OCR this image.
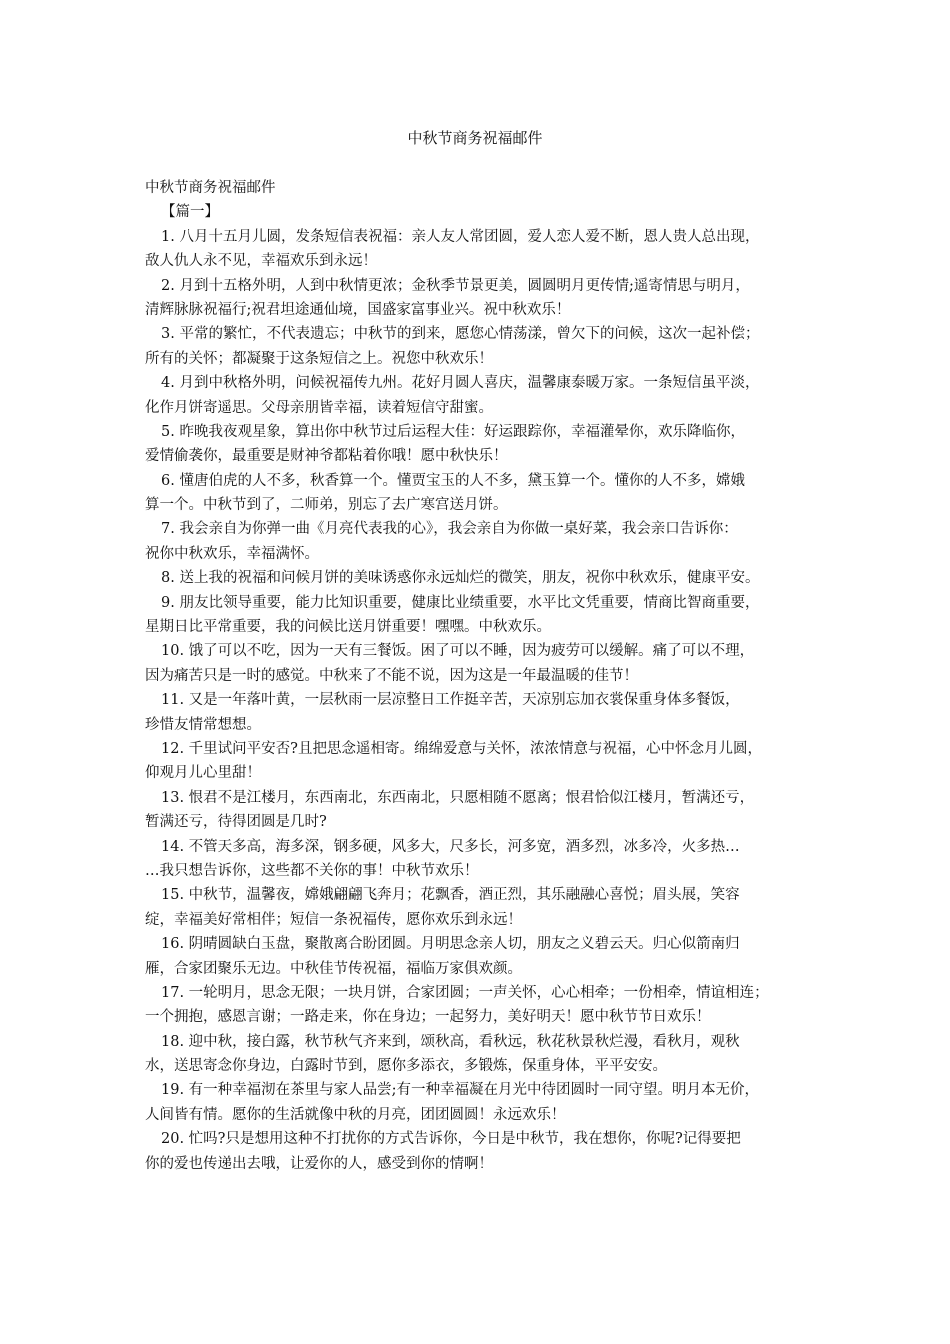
中秋节商务祝福邮件
中秋节商务祝福邮件
【篇一】
1. 八月十五月儿圆，发条短信表祝福：亲人友人常团圆，爱人恋人爱不断，恩人贵人总出现，
敌人仇人永不见，幸福欢乐到永远！
2. 月到十五格外明，人到中秋情更浓；金秋季节景更美，圆圆明月更传情;遥寄情思与明月，
清辉脉脉祝福行;祝君坦途通仙境，国盛家富事业兴。祝中秋欢乐！
3. 平常的繁忙，不代表遗忘；中秋节的到来，愿您心情荡漾，曾欠下的问候，这次一起补偿；
所有的关怀；都凝聚于这条短信之上。祝您中秋欢乐！
4. 月到中秋格外明，问候祝福传九州。花好月圆人喜庆，温馨康泰暖万家。一条短信虽平淡，
化作月饼寄遥思。父母亲朋皆幸福，读着短信守甜蜜。
5. 昨晚我夜观星象，算出你中秋节过后运程大佳：好运跟踪你，幸福灌晕你，欢乐降临你，
爱情偷袭你，最重要是财神爷都粘着你哦！愿中秋快乐！
6. 懂唐伯虎的人不多，秋香算一个。懂贾宝玉的人不多，黛玉算一个。懂你的人不多，嫦娥
算一个。中秋节到了，二师弟，别忘了去广寒宫送月饼。
7. 我会亲自为你弹一曲《月亮代表我的心》，我会亲自为你做一桌好菜，我会亲口告诉你：
祝你中秋欢乐，幸福满怀。
8. 送上我的祝福和问候月饼的美味诱惑你永远灿烂的微笑，朋友，祝你中秋欢乐，健康平安。
9. 朋友比领导重要，能力比知识重要，健康比业绩重要，水平比文凭重要，情商比智商重要，
星期日比平常重要，我的问候比送月饼重要！嘿嘿。中秋欢乐。
10. 饿了可以不吃，因为一天有三餐饭。困了可以不睡，因为疲劳可以缓解。痛了可以不理，
因为痛苦只是一时的感觉。中秋来了不能不说，因为这是一年最温暖的佳节！
11. 又是一年落叶黄，一层秋雨一层凉整日工作挺辛苦，天凉别忘加衣裳保重身体多餐饭，
珍惜友情常想想。
12. 千里试问平安否?且把思念遥相寄。绵绵爱意与关怀，浓浓情意与祝福，心中怀念月儿圆，
仰观月儿心里甜！
13. 恨君不是江楼月，东西南北，东西南北，只愿相随不愿离；恨君恰似江楼月，暂满还亏，
暂满还亏，待得团圆是几时?
14. 不管天多高，海多深，钢多硬，风多大，尺多长，河多宽，酒多烈，冰多冷，火多热…
…我只想告诉你，这些都不关你的事！中秋节欢乐！
15. 中秋节，温馨夜，嫦娥翩翩飞奔月；花飘香，酒正烈，其乐融融心喜悦；眉头展，笑容
绽，幸福美好常相伴；短信一条祝福传，愿你欢乐到永远！
16. 阴晴圆缺白玉盘，聚散离合盼团圆。月明思念亲人切，朋友之义碧云天。归心似箭南归
雁，合家团聚乐无边。中秋佳节传祝福，福临万家俱欢颜。
17. 一轮明月，思念无限；一块月饼，合家团圆；一声关怀，心心相牵；一份相牵，情谊相连；
一个拥抱，感恩言谢；一路走来，你在身边；一起努力，美好明天！愿中秋节节日欢乐！
18. 迎中秋，接白露，秋节秋气齐来到，颂秋高，看秋远，秋花秋景秋烂漫，看秋月，观秋
水，送思寄念你身边，白露时节到，愿你多添衣，多锻炼，保重身体，平平安安。
19. 有一种幸福沏在茶里与家人品尝;有一种幸福凝在月光中待团圆时一同守望。明月本无价，
人间皆有情。愿你的生活就像中秋的月亮，团团圆圆！永远欢乐！
20. 忙吗?只是想用这种不打扰你的方式告诉你，今日是中秋节，我在想你，你呢?记得要把
你的爱也传递出去哦，让爱你的人，感受到你的情啊！
